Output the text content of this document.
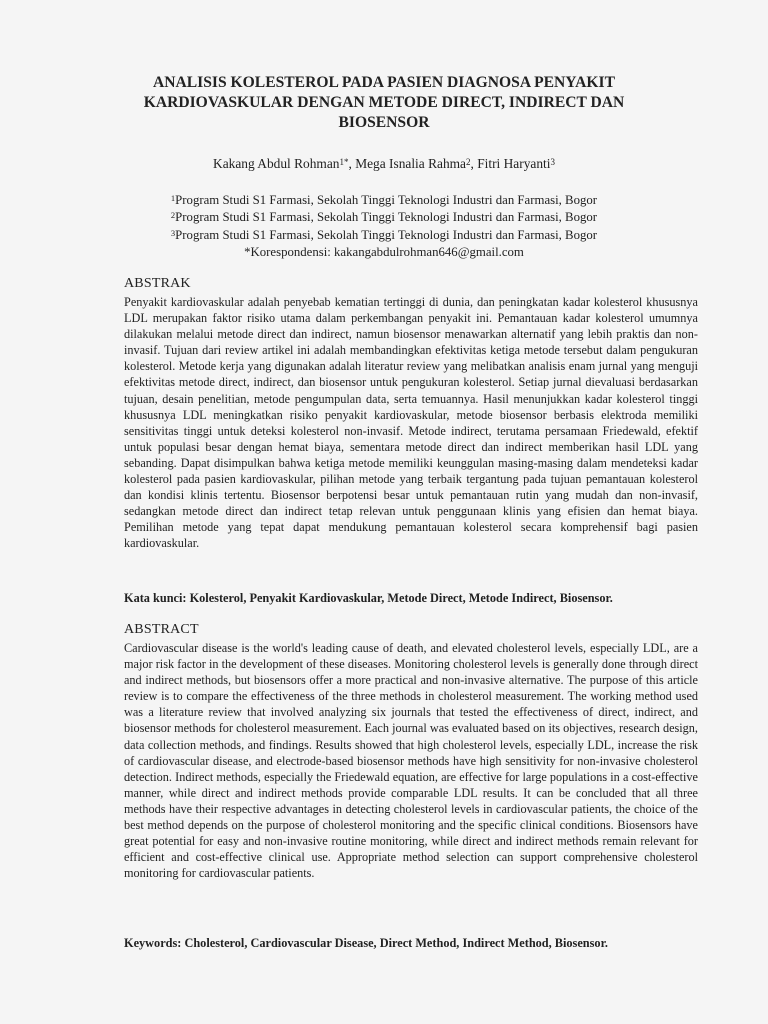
ANALISIS KOLESTEROL PADA PASIEN DIAGNOSA PENYAKIT KARDIOVASKULAR DENGAN METODE DIRECT, INDIRECT DAN BIOSENSOR
Kakang Abdul Rohman$^{1*}$, Mega Isnalia Rahma$^2$, Fitri Haryanti$^3$
$^1$Program Studi S1 Farmasi, Sekolah Tinggi Teknologi Industri dan Farmasi, Bogor
$^2$Program Studi S1 Farmasi, Sekolah Tinggi Teknologi Industri dan Farmasi, Bogor
$^3$Program Studi S1 Farmasi, Sekolah Tinggi Teknologi Industri dan Farmasi, Bogor
*Korespondensi: kakangabdulrohman646@gmail.com
ABSTRAK

Penyakit kardiovaskular adalah penyebab kematian tertinggi di dunia, dan peningkatan kadar kolesterol khususnya LDL merupakan faktor risiko utama dalam perkembangan penyakit ini. Pemantauan kadar kolesterol umumnya dilakukan melalui metode direct dan indirect, namun biosensor menawarkan alternatif yang lebih praktis dan non-invasif. Tujuan dari review artikel ini adalah membandingkan efektivitas ketiga metode tersebut dalam pengukuran kolesterol. Metode kerja yang digunakan adalah literatur review yang melibatkan analisis enam jurnal yang menguji efektivitas metode direct, indirect, dan biosensor untuk pengukuran kolesterol. Setiap jurnal dievaluasi berdasarkan tujuan, desain penelitian, metode pengumpulan data, serta temuannya. Hasil menunjukkan kadar kolesterol tinggi khususnya LDL meningkatkan risiko penyakit kardiovaskular, metode biosensor berbasis elektroda memiliki sensitivitas tinggi untuk deteksi kolesterol non-invasif. Metode indirect, terutama persamaan Friedewald, efektif untuk populasi besar dengan hemat biaya, sementara metode direct dan indirect memberikan hasil LDL yang sebanding. Dapat disimpulkan bahwa ketiga metode memiliki keunggulan masing-masing dalam mendeteksi kadar kolesterol pada pasien kardiovaskular, pilihan metode yang terbaik tergantung pada tujuan pemantauan kolesterol dan kondisi klinis tertentu. Biosensor berpotensi besar untuk pemantauan rutin yang mudah dan non-invasif, sedangkan metode direct dan indirect tetap relevan untuk penggunaan klinis yang efisien dan hemat biaya. Pemilihan metode yang tepat dapat mendukung pemantauan kolesterol secara komprehensif bagi pasien kardiovaskular.

Kata kunci: Kolesterol, Penyakit Kardiovaskular, Metode Direct, Metode Indirect, Biosensor.

ABSTRACT

Cardiovascular disease is the world's leading cause of death, and elevated cholesterol levels, especially LDL, are a major risk factor in the development of these diseases. Monitoring cholesterol levels is generally done through direct and indirect methods, but biosensors offer a more practical and non-invasive alternative. The purpose of this article review is to compare the effectiveness of the three methods in cholesterol measurement. The working method used was a literature review that involved analyzing six journals that tested the effectiveness of direct, indirect, and biosensor methods for cholesterol measurement. Each journal was evaluated based on its objectives, research design, data collection methods, and findings. Results showed that high cholesterol levels, especially LDL, increase the risk of cardiovascular disease, and electrode-based biosensor methods have high sensitivity for non-invasive cholesterol detection. Indirect methods, especially the Friedewald equation, are effective for large populations in a cost-effective manner, while direct and indirect methods provide comparable LDL results. It can be concluded that all three methods have their respective advantages in detecting cholesterol levels in cardiovascular patients, the choice of the best method depends on the purpose of cholesterol monitoring and the specific clinical conditions. Biosensors have great potential for easy and non-invasive routine monitoring, while direct and indirect methods remain relevant for efficient and cost-effective clinical use. Appropriate method selection can support comprehensive cholesterol monitoring for cardiovascular patients.

Keywords: Cholesterol, Cardiovascular Disease, Direct Method, Indirect Method, Biosensor.
